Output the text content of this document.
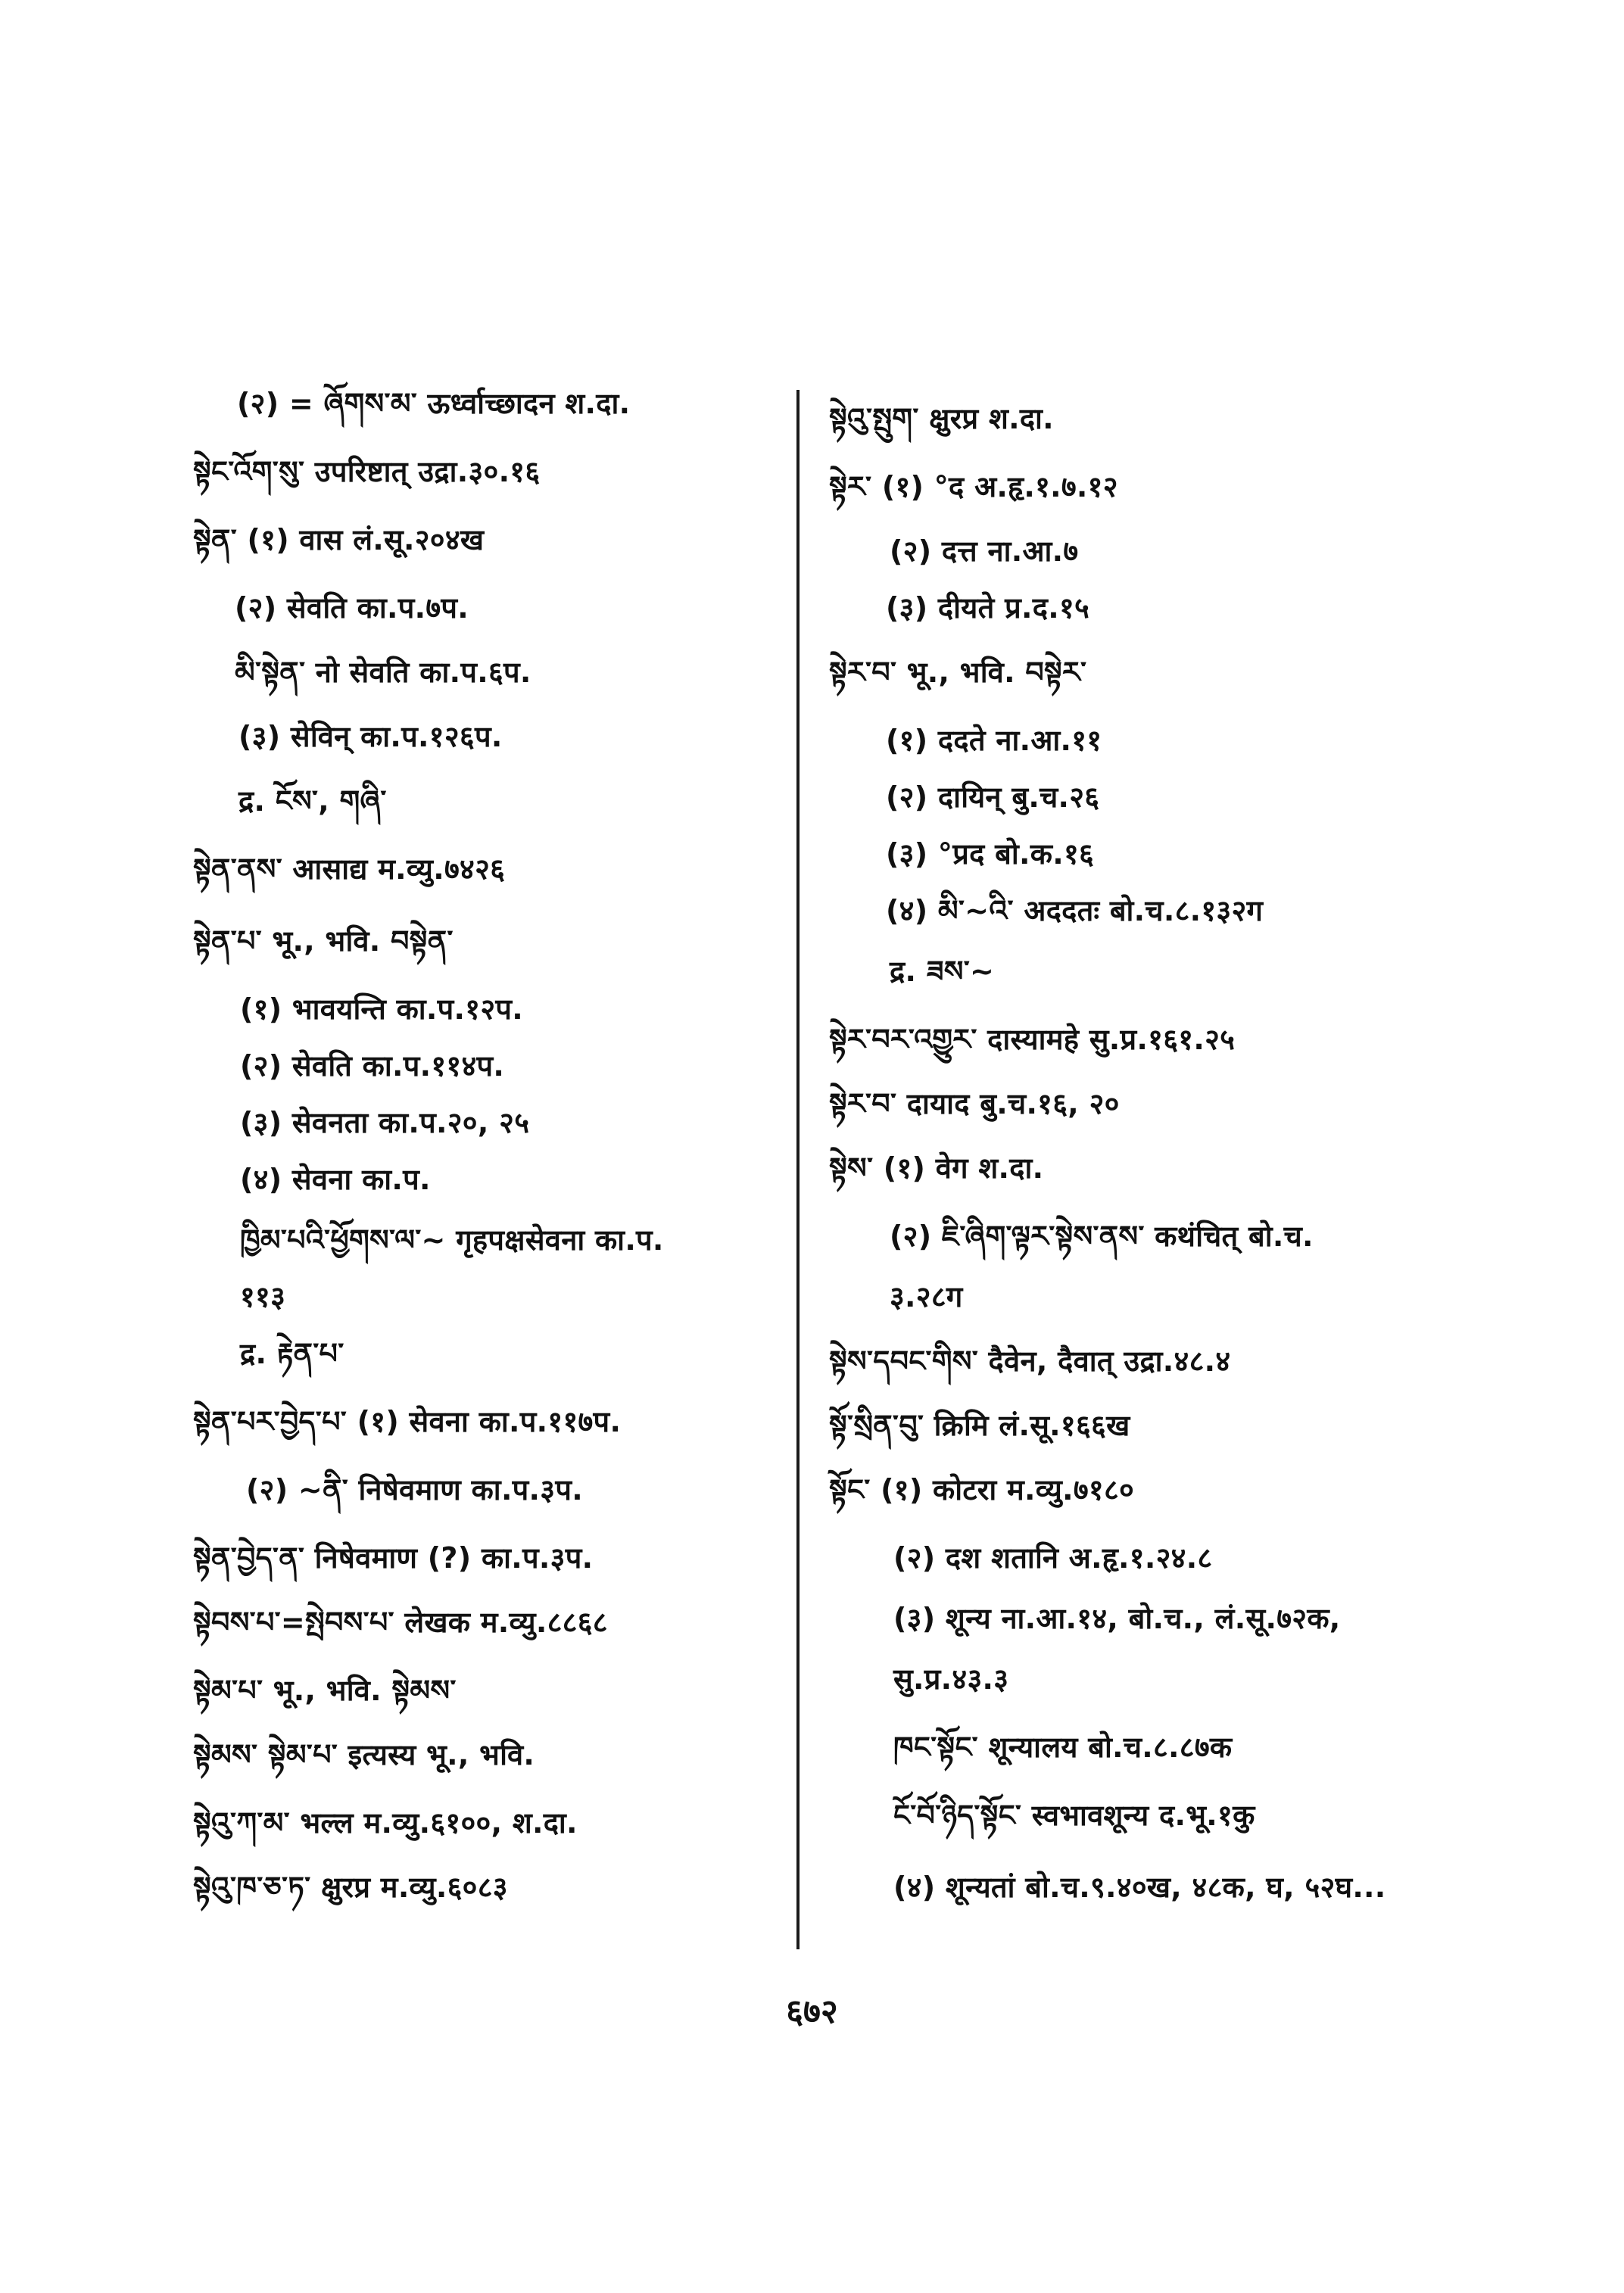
(२) = ཞོགས་མ་ ऊर्ध्वाच्छादन श.दा.
སྟེང་འོག་སུ་ उपरिष्टात् उद्रा.३०.१६
སྟེན་ (१) वास लं.सू.२०४ख
(२) सेवति का.प.७प.
མི་སྟེན་ नो सेवति का.प.६प.
(३) सेविन् का.प.१२६प.
द्र. ངོས་, གཞི་
སྟེན་ནས་ आसाद्य म.व्यु.७४२६
སྟེན་པ་ भू., भवि. བསྟེན་
(१) भावयन्ति का.प.१२प.
(२) सेवति का.प.११४प.
(३) सेवनता का.प.२०, २५
(४) सेवना का.प.
ཁྱིམ་པའི་ཕྱོགས་ལ་~ गृहपक्षसेवना का.प.
११३
द्र. རྟེན་པ་
སྟེན་པར་བྱེད་པ་ (१) सेवना का.प.११७प.
(२) ~ནི་ निषेवमाण का.प.३प.
སྟེན་བྱེད་ན་ निषेवमाण (?) का.प.३प.
སྟེབས་པ་=སྤེབས་པ་ लेखक म.व्यु.८८६८
སྟེམ་པ་ भू., भवि. སྟེམས་
སྟེམས་ སྟེམ་པ་ इत्यस्य भू., भवि.
སྟེའུ་ཀ་མ་ भल्ल म.व्यु.६१००, श.दा.
སྟེའུ་ཁ་ཅ་ཏ་ क्षुरप्र म.व्यु.६०८३
སྟེའུ་སྤུག་ क्षुरप्र श.दा.
སྟེར་ (१) °द अ.हृ.१.७.१२
(२) दत्त ना.आ.७
(३) दीयते प्र.द.१५
སྟེར་བ་ भू., भवि. བསྟེར་
(१) ददते ना.आ.११
(२) दायिन् बु.च.२६
(३) °प्रद बो.क.१६
(४) མི་~འི་ अददतः बो.च.८.१३२ग
द्र. ཟས་~
སྟེར་བར་འགྱུར་ दास्यामहे सु.प्र.१६१.२५
སྟེར་བ་ दायाद बु.च.१६, २०
སྟེས་ (१) वेग श.दा.
(२) ཇི་ཞིག་ལྟར་སྟེས་ནས་ कथंचित् बो.च.
३.२८ग
སྟེས་དབང་གིས་ दैवेन, दैवात् उद्रा.४८.४
སྟོ་སྲིན་བུ་ क्रिमि लं.सू.१६६ख
སྟོང་ (१) कोटरा म.व्यु.७१८०
(२) दश शतानि अ.हृ.१.२४.८
(३) शून्य ना.आ.१४, बो.च., लं.सू.७२क,
सु.प्र.४३.३
ཁང་སྟོང་ शून्यालय बो.च.८.८७क
ངོ་བོ་ཉིད་སྟོང་ स्वभावशून्य द.भू.१कु
(४) शून्यतां बो.च.९.४०ख, ४८क, घ, ५२घ...
६७२
